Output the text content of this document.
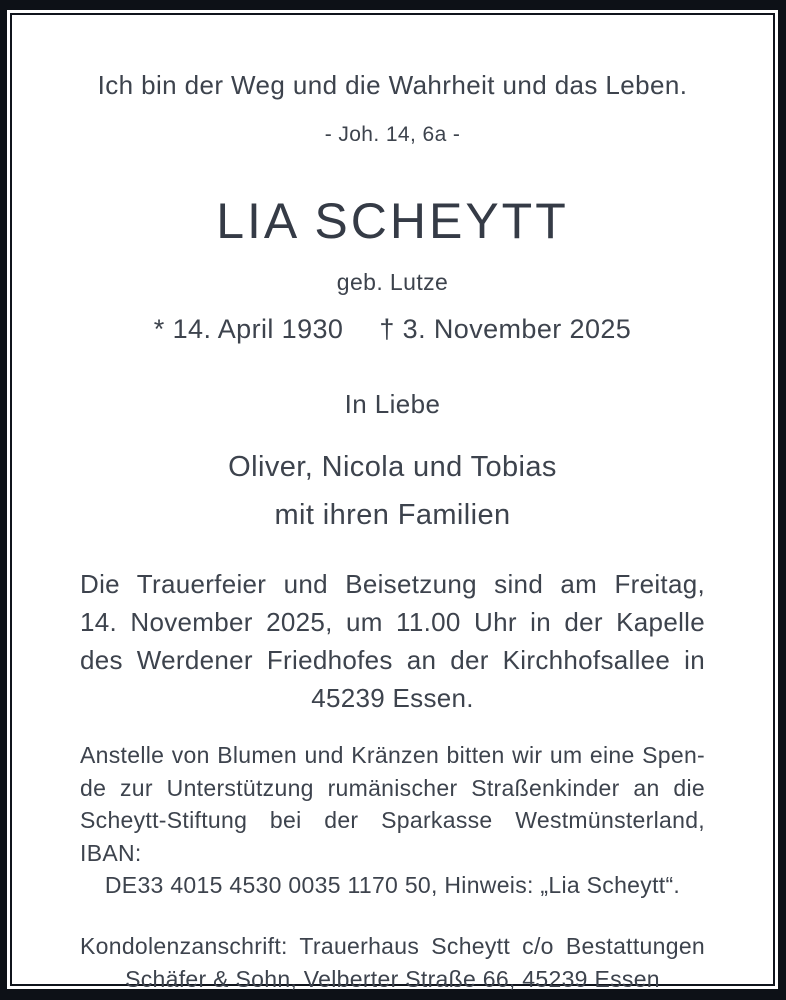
Ich bin der Weg und die Wahrheit und das Leben.
- Joh. 14, 6a -
LIA SCHEYTT
geb. Lutze
* 14. April 1930 † 3. November 2025
In Liebe
Oliver, Nicola und Tobias
mit ihren Familien
Die Trauerfeier und Beisetzung sind am Freitag,
14. November 2025, um 11.00 Uhr in der Kapelle
des Werdener Friedhofes an der Kirchhofsallee in
45239 Essen.
Anstelle von Blumen und Kränzen bitten wir um eine Spen-
de zur Unterstützung rumänischer Straßenkinder an die
Scheytt-Stiftung bei der Sparkasse Westmünsterland, IBAN:
DE33 4015 4530 0035 1170 50, Hinweis: „Lia Scheytt“.
Kondolenzanschrift: Trauerhaus Scheytt c/o Bestattungen
Schäfer & Sohn, Velberter Straße 66, 45239 Essen
